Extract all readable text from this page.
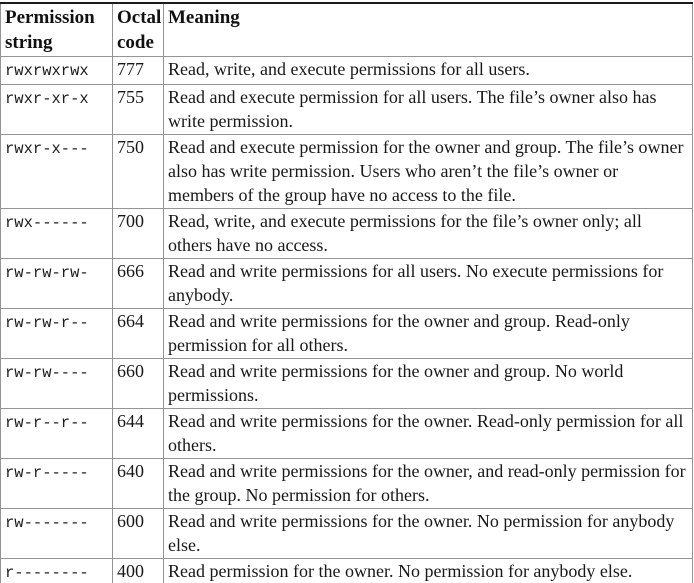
Permission string	Octal code	Meaning
rwxrwxrwx	777	Read, write, and execute permissions for all users.
rwxr-xr-x	755	Read and execute permission for all users. The file’s owner also has write permission.
rwxr-x---	750	Read and execute permission for the owner and group. The file’s owner also has write permission. Users who aren’t the file’s owner or members of the group have no access to the file.
rwx------	700	Read, write, and execute permissions for the file’s owner only; all others have no access.
rw-rw-rw-	666	Read and write permissions for all users. No execute permissions for anybody.
rw-rw-r--	664	Read and write permissions for the owner and group. Read-only permission for all others.
rw-rw----	660	Read and write permissions for the owner and group. No world permissions.
rw-r--r--	644	Read and write permissions for the owner. Read-only permission for all others.
rw-r-----	640	Read and write permissions for the owner, and read-only permission for the group. No permission for others.
rw-------	600	Read and write permissions for the owner. No permission for anybody else.
r--------	400	Read permission for the owner. No permission for anybody else.
